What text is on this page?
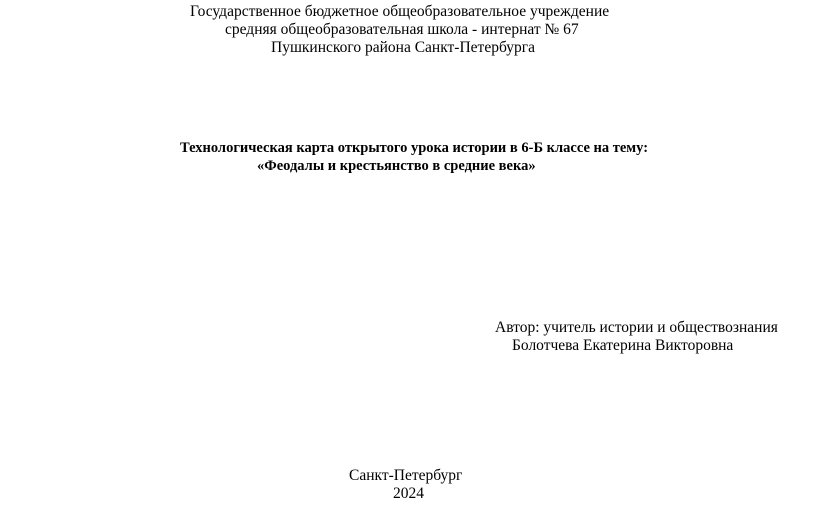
Государственное бюджетное общеобразовательное учреждение
средняя общеобразовательная школа - интернат № 67
Пушкинского района Санкт-Петербурга
Технологическая карта открытого урока истории в 6-Б классе на тему:
«Феодалы и крестьянство в средние века»
Автор: учитель истории и обществознания
Болотчева Екатерина Викторовна
Санкт-Петербург
2024
